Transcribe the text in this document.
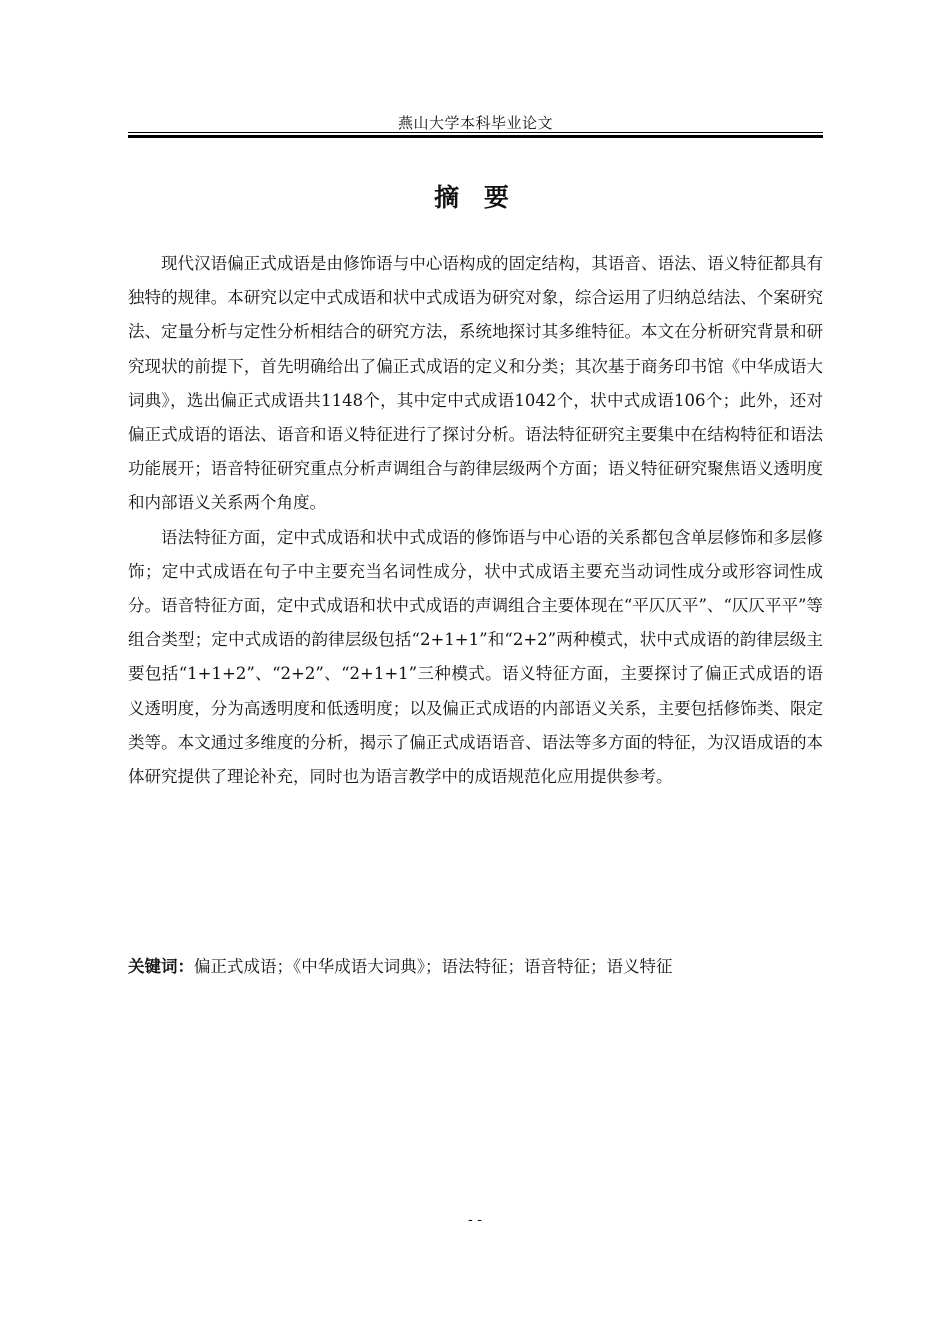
燕山大学本科毕业论文
摘 要

现代汉语偏正式成语是由修饰语与中心语构成的固定结构，其语音、语法、语义特征都具有独特的规律。本研究以定中式成语和状中式成语为研究对象，综合运用了归纳总结法、个案研究法、定量分析与定性分析相结合的研究方法，系统地探讨其多维特征。本文在分析研究背景和研究现状的前提下，首先明确给出了偏正式成语的定义和分类；其次基于商务印书馆《中华成语大词典》，选出偏正式成语共1148个，其中定中式成语1042个，状中式成语106个；此外，还对偏正式成语的语法、语音和语义特征进行了探讨分析。语法特征研究主要集中在结构特征和语法功能展开；语音特征研究重点分析声调组合与韵律层级两个方面；语义特征研究聚焦语义透明度和内部语义关系两个角度。

语法特征方面，定中式成语和状中式成语的修饰语与中心语的关系都包含单层修饰和多层修饰；定中式成语在句子中主要充当名词性成分，状中式成语主要充当动词性成分或形容词性成分。语音特征方面，定中式成语和状中式成语的声调组合主要体现在“平仄仄平”、“仄仄平平”等组合类型；定中式成语的韵律层级包括“2+1+1”和“2+2”两种模式，状中式成语的韵律层级主要包括“1+1+2”、“2+2”、“2+1+1”三种模式。语义特征方面，主要探讨了偏正式成语的语义透明度，分为高透明度和低透明度；以及偏正式成语的内部语义关系，主要包括修饰类、限定类等。本文通过多维度的分析，揭示了偏正式成语语音、语法等多方面的特征，为汉语成语的本体研究提供了理论补充，同时也为语言教学中的成语规范化应用提供参考。

关键词：偏正式成语；《中华成语大词典》；语法特征；语音特征；语义特征
- -
